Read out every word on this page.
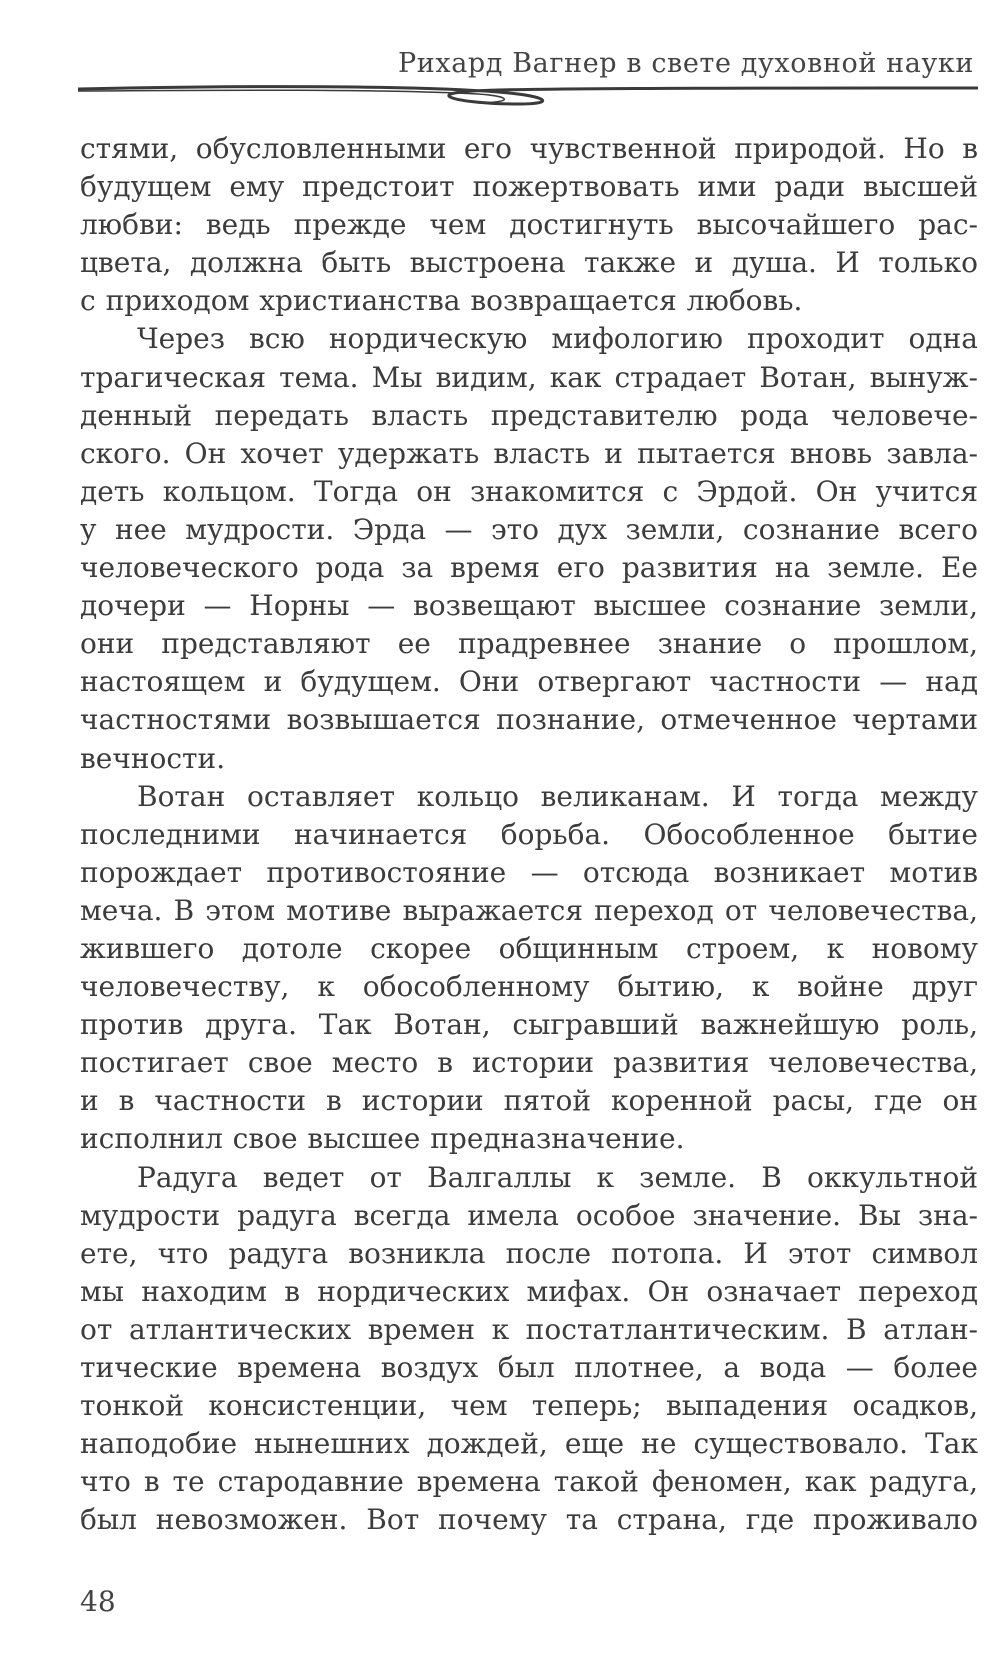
Рихард Вагнер в свете духовной науки
стями, обусловленными его чувственной природой. Но в
будущем ему предстоит пожертвовать ими ради высшей
любви: ведь прежде чем достигнуть высочайшего рас-
цвета, должна быть выстроена также и душа. И только
с приходом христианства возвращается любовь.
Через всю нордическую мифологию проходит одна
трагическая тема. Мы видим, как страдает Вотан, вынуж-
денный передать власть представителю рода человече-
ского. Он хочет удержать власть и пытается вновь завла-
деть кольцом. Тогда он знакомится с Эрдой. Он учится
у нее мудрости. Эрда — это дух земли, сознание всего
человеческого рода за время его развития на земле. Ее
дочери — Норны — возвещают высшее сознание земли,
они представляют ее прадревнее знание о прошлом,
настоящем и будущем. Они отвергают частности — над
частностями возвышается познание, отмеченное чертами
вечности.
Вотан оставляет кольцо великанам. И тогда между
последними начинается борьба. Обособленное бытие
порождает противостояние — отсюда возникает мотив
меча. В этом мотиве выражается переход от человечества,
жившего дотоле скорее общинным строем, к новому
человечеству, к обособленному бытию, к войне друг
против друга. Так Вотан, сыгравший важнейшую роль,
постигает свое место в истории развития человечества,
и в частности в истории пятой коренной расы, где он
исполнил свое высшее предназначение.
Радуга ведет от Валгаллы к земле. В оккультной
мудрости радуга всегда имела особое значение. Вы зна-
ете, что радуга возникла после потопа. И этот символ
мы находим в нордических мифах. Он означает переход
от атлантических времен к постатлантическим. В атлан-
тические времена воздух был плотнее, а вода — более
тонкой консистенции, чем теперь; выпадения осадков,
наподобие нынешних дождей, еще не существовало. Так
что в те стародавние времена такой феномен, как радуга,
был невозможен. Вот почему та страна, где проживало
48
